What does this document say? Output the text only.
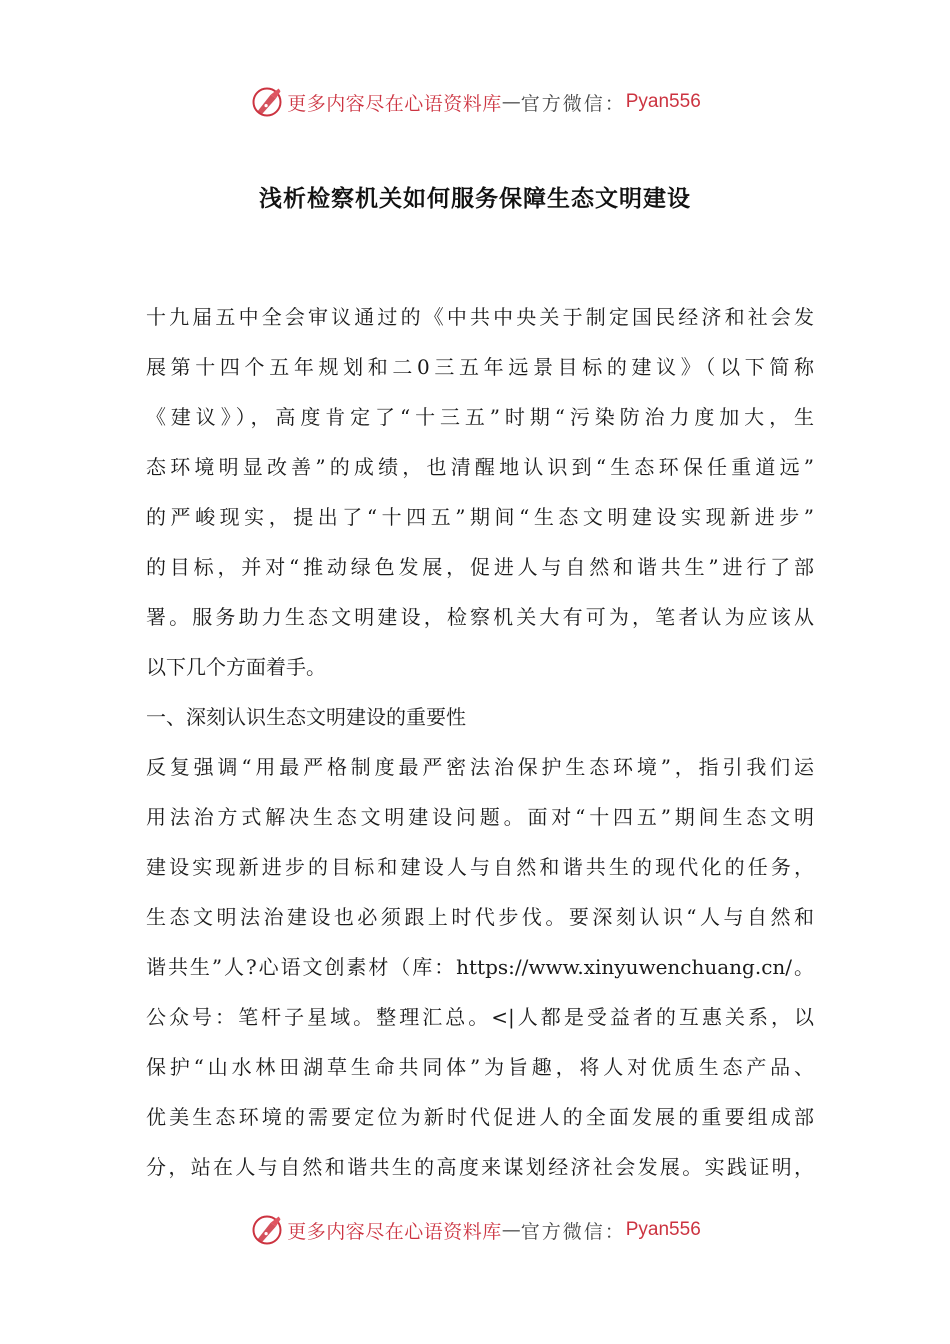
更多内容尽在心语资料库 — 官方微信： Pyan556
浅析检察机关如何服务保障生态文明建设
十九届五中全会审议通过的《中共中央关于制定国民经济和社会发
展第十四个五年规划和二0三五年远景目标的建议》（以下简称
《建议》），高度肯定了“十三五”时期“污染防治力度加大，生
态环境明显改善”的成绩，也清醒地认识到“生态环保任重道远”
的严峻现实，提出了“十四五”期间“生态文明建设实现新进步”
的目标，并对“推动绿色发展，促进人与自然和谐共生”进行了部
署。服务助力生态文明建设，检察机关大有可为，笔者认为应该从
以下几个方面着手。
一、深刻认识生态文明建设的重要性
反复强调“用最严格制度最严密法治保护生态环境”，指引我们运
用法治方式解决生态文明建设问题。面对“十四五”期间生态文明
建设实现新进步的目标和建设人与自然和谐共生的现代化的任务，
生态文明法治建设也必须跟上时代步伐。要深刻认识“人与自然和
谐共生”人?心语文创素材（库：https://www.xinyuwenchuang.cn/。
公众号：笔杆子星域。整理汇总。<|人都是受益者的互惠关系，以
保护“山水林田湖草生命共同体”为旨趣，将人对优质生态产品、
优美生态环境的需要定位为新时代促进人的全面发展的重要组成部
分，站在人与自然和谐共生的高度来谋划经济社会发展。实践证明，
更多内容尽在心语资料库 — 官方微信： Pyan556
